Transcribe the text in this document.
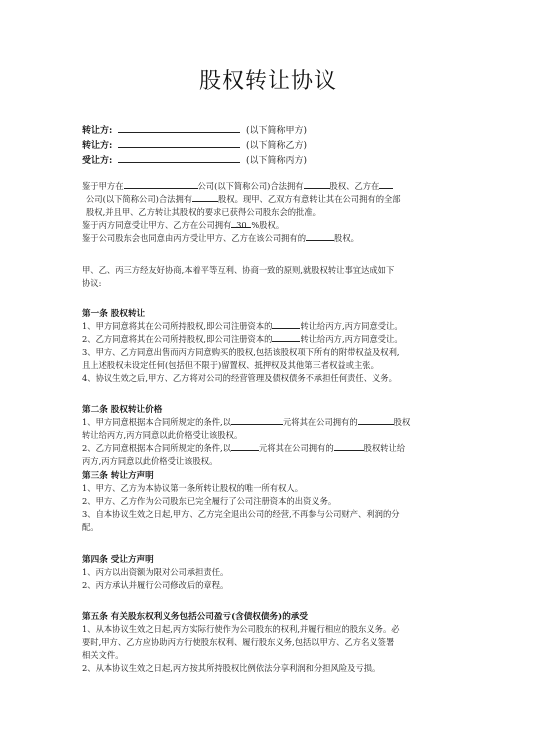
股权转让协议
转让方:	(以下简称甲方)
转让方:	(以下简称乙方)
受让方:	(以下简称丙方)
鉴于甲方在	公司(以下简称公司)合法拥有	股权、乙方在
公司(以下简称公司)合法拥有	股权。现甲、乙双方有意转让其在公司拥有的全部
股权,并且甲、乙方转让其股权的要求已获得公司股东会的批准。
鉴于丙方同意受让甲方、乙方在公司拥有 30 %股权。
鉴于公司股东会也同意由丙方受让甲方、乙方在该公司拥有的	股权。
甲、乙、丙三方经友好协商,本着平等互利、协商一致的原则,就股权转让事宜达成如下
协议:
第一条 股权转让
1、甲方同意将其在公司所持股权,即公司注册资本的	转让给丙方,丙方同意受让。
2、乙方同意将其在公司所持股权,即公司注册资本的	转让给丙方,丙方同意受让。
3、甲方、乙方同意出售而丙方同意购买的股权,包括该股权项下所有的附带权益及权利,
且上述股权未设定任何(包括但不限于)留置权、抵押权及其他第三者权益或主张。
4、协议生效之后,甲方、乙方将对公司的经营管理及债权债务不承担任何责任、义务。
第二条 股权转让价格
1、甲方同意根据本合同所规定的条件,以	元将其在公司拥有的	股权
转让给丙方,丙方同意以此价格受让该股权。
2、乙方同意根据本合同所规定的条件,以	元将其在公司拥有的	股权转让给
丙方,丙方同意以此价格受让该股权。
第三条 转让方声明
1、甲方、乙方为本协议第一条所转让股权的唯一所有权人。
2、甲方、乙方作为公司股东已完全履行了公司注册资本的出资义务。
3、自本协议生效之日起,甲方、乙方完全退出公司的经营,不再参与公司财产、利润的分
配。
第四条 受让方声明
1、丙方以出资额为限对公司承担责任。
2、丙方承认并履行公司修改后的章程。
第五条 有关股东权利义务包括公司盈亏(含债权债务)的承受
1、从本协议生效之日起,丙方实际行使作为公司股东的权利,并履行相应的股东义务。必
要时,甲方、乙方应协助丙方行使股东权利、履行股东义务,包括以甲方、乙方名义签署
相关文件。
2、从本协议生效之日起,丙方按其所持股权比例依法分享利润和分担风险及亏损。
